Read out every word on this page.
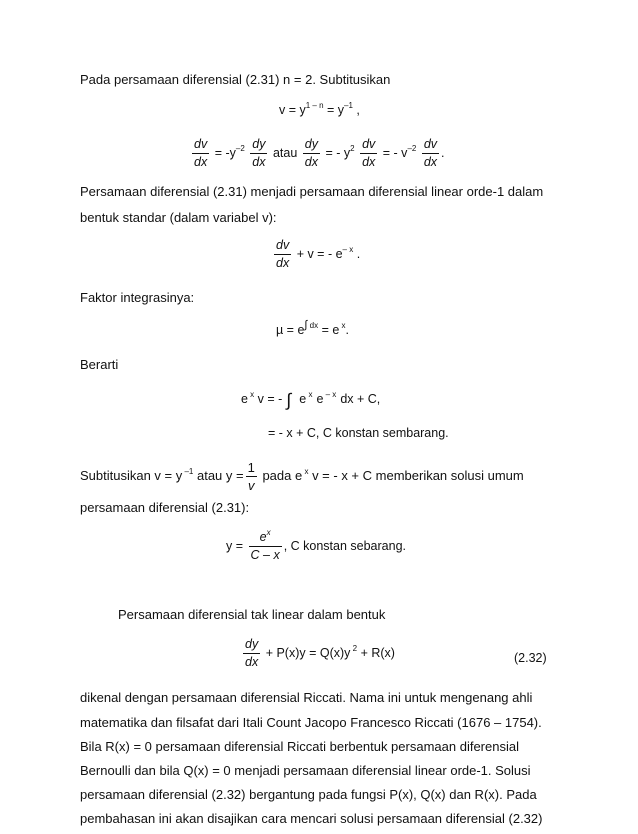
Pada persamaan diferensial (2.31) n = 2. Subtitusikan
$v = y^{1 - n} = y^{-1}$ ,
$\frac{dv}{dx} = -y^{-2} \frac{dy}{dx}$ atau $\frac{dy}{dx}$ = - $y^2 \frac{dv}{dx}$ = - $v^{-2} \frac{dv}{dx}$ .
Persamaan diferensial (2.31) menjadi persamaan diferensial linear orde-1 dalam
bentuk standar (dalam variabel v):
$\frac{dv}{dx} + v$ = - $e^{- x}$ .
Faktor integrasinya:
$\mu = e^{\int dx} = e$ $^x$.
Berarti
e $^x$ v = - ∫ e $^x$ e $^{- x}$ dx + C,
= - x + C, C konstan sembarang.
Subtitusikan v = y $^{-1}$ atau $y = \frac{1}{v}$ pada e $^x$ v = - x + C memberikan solusi umum
persamaan diferensial (2.31):
$y = \frac{e^x}{C - x}$ , C konstan sebarang.
Persamaan diferensial tak linear dalam bentuk
$\frac{dy}{dx} + P(x)y = Q(x)y$ $^2$ + R(x)	(2.32)
dikenal dengan persamaan diferensial Riccati. Nama ini untuk mengenang ahli
matematika dan filsafat dari Itali Count Jacopo Francesco Riccati (1676 – 1754).
Bila R(x) = 0 persamaan diferensial Riccati berbentuk persamaan diferensial
Bernoulli dan bila Q(x) = 0 menjadi persamaan diferensial linear orde-1. Solusi
persamaan diferensial (2.32) bergantung pada fungsi P(x), Q(x) dan R(x). Pada
pembahasan ini akan disajikan cara mencari solusi persamaan diferensial (2.32)
